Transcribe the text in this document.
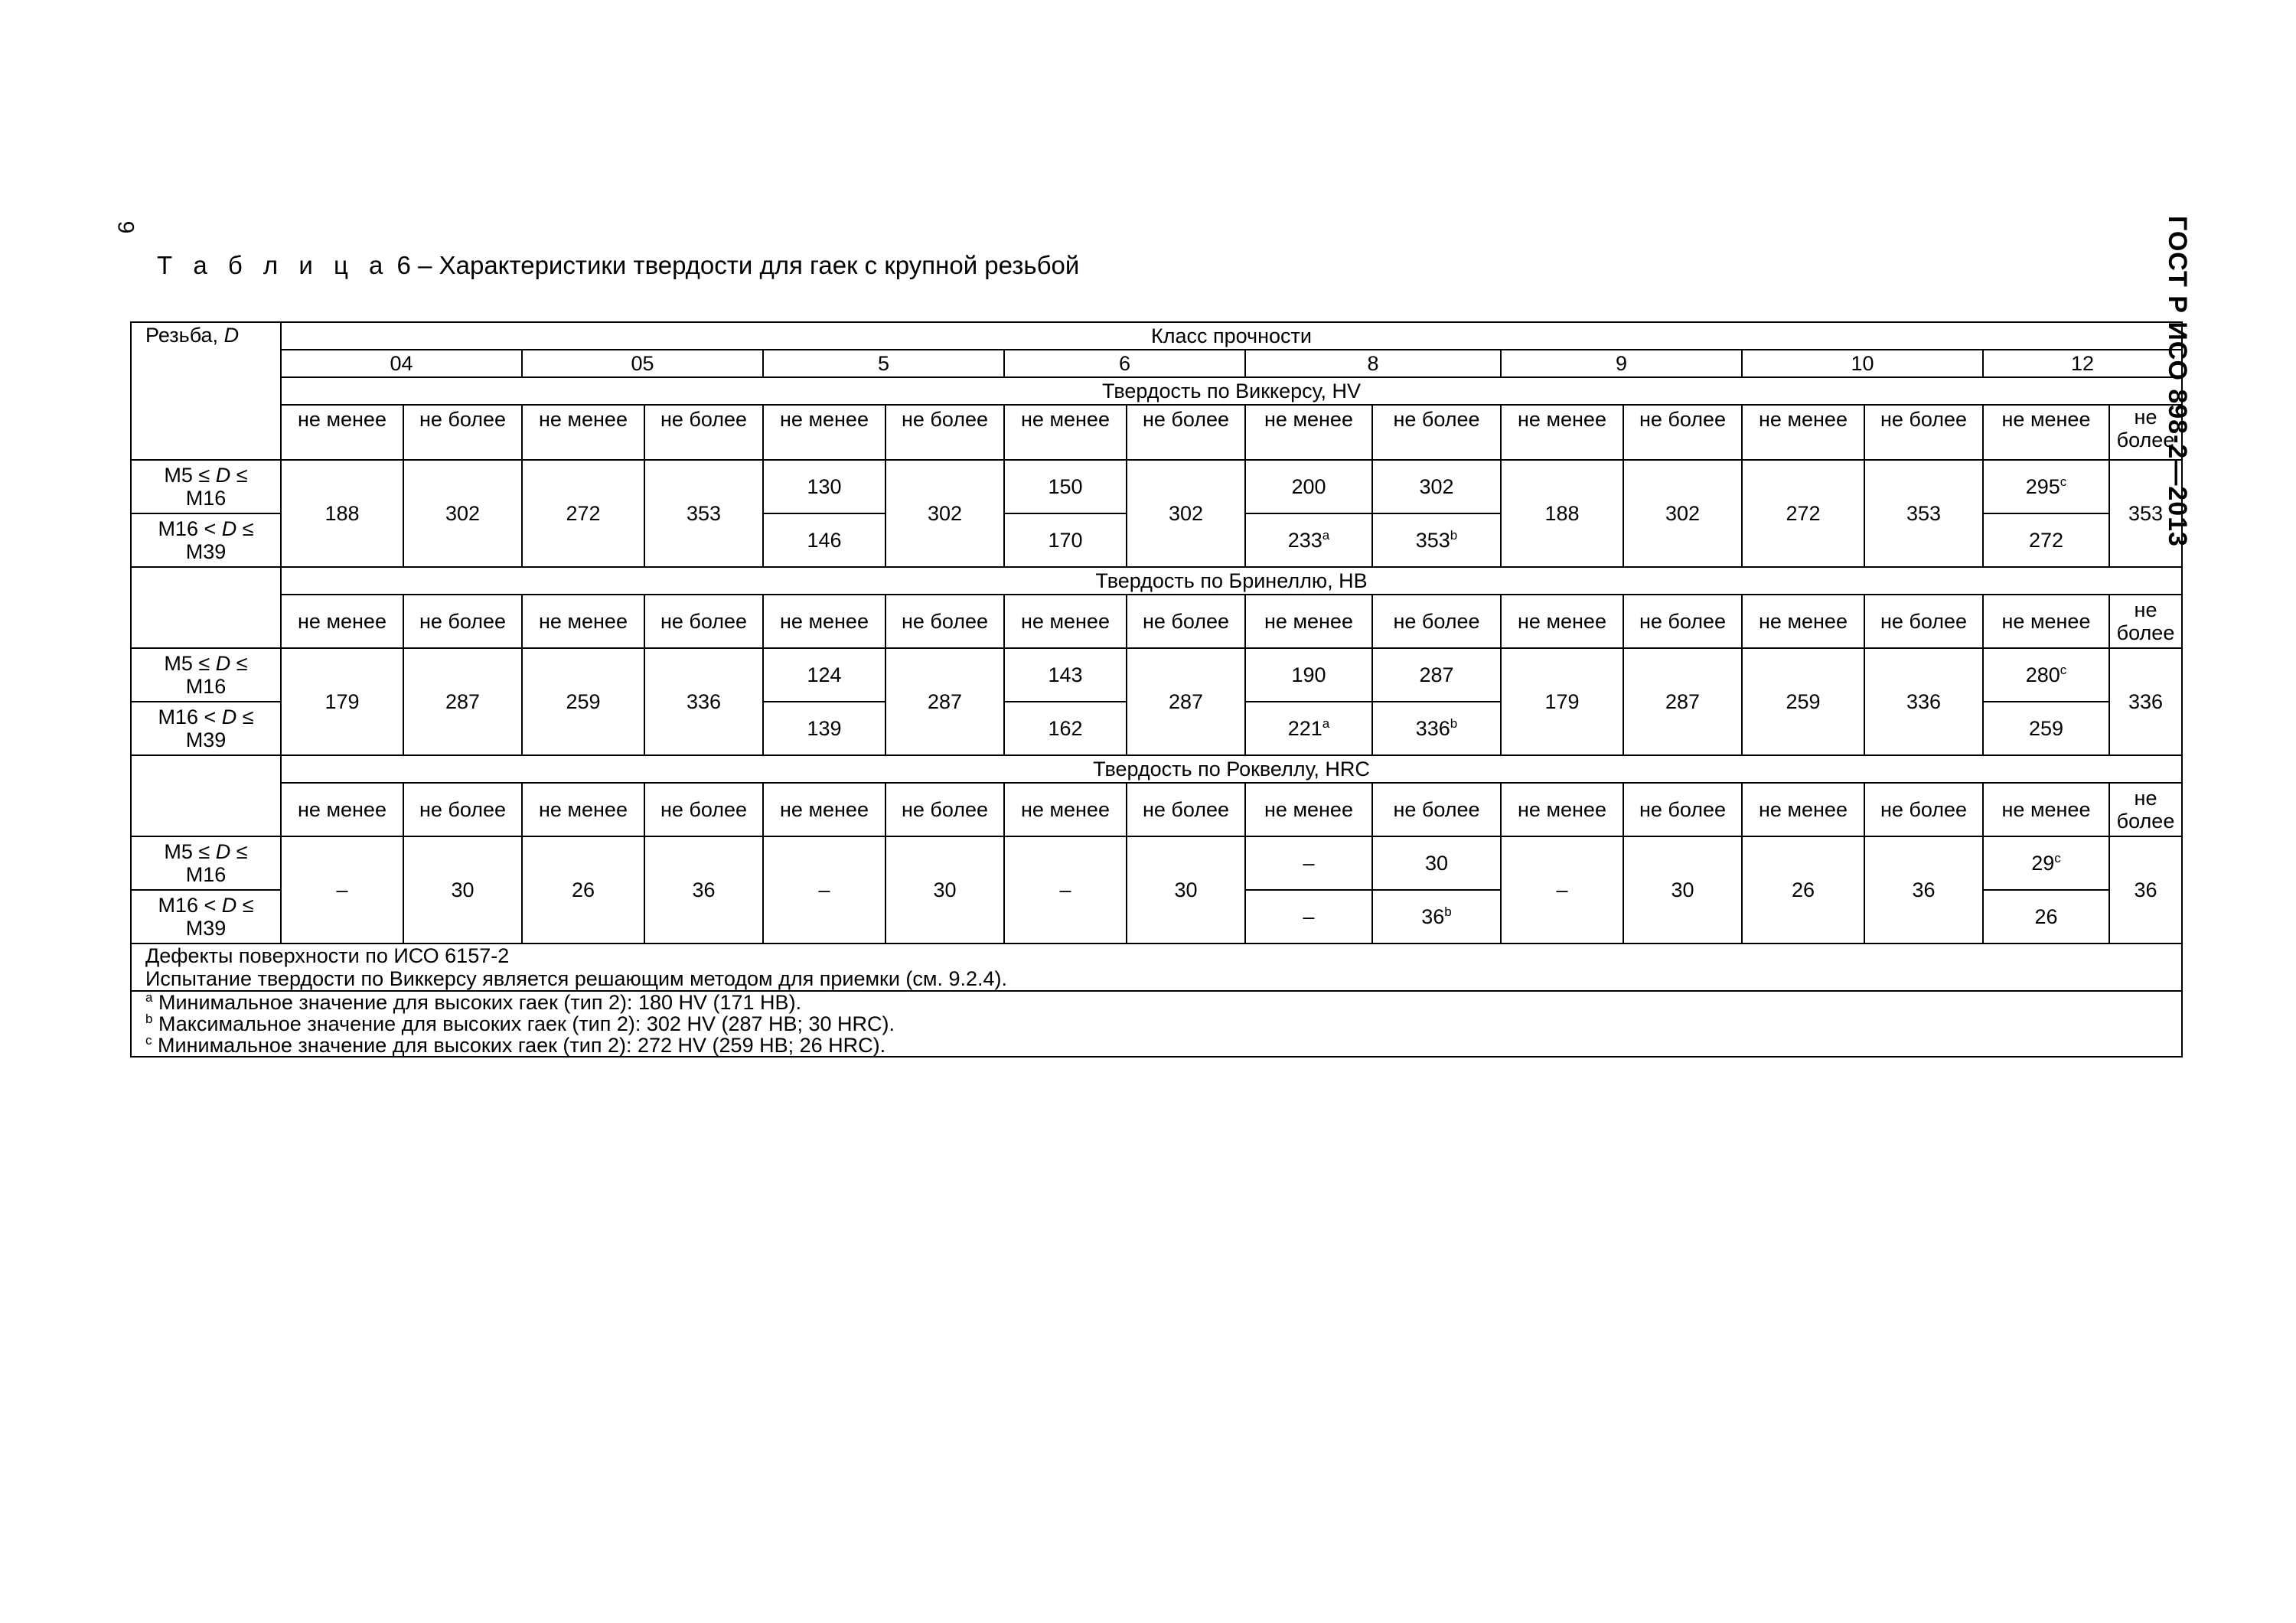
9	ГОСТ Р ИСО 898-2—2013
Т а б л и ц а 6 – Характеристики твердости для гаек с крупной резьбой
Резьба, D	Класс прочности															
	04		05		5		6		8		9		10		12	
	Твердость по Виккерсу, HV															
	не менее	не более	не менее	не более	не менее	не более	не менее	не более	не менее	не более	не менее	не более	не менее	не более	не менее	не более
M5 ≤ D ≤
M16	188	302	272	353	130	302	150	302	200	302	188	302	272	353	295$^c$	353
M16 < D ≤
M39					146		170		233$^a$	353$^b$					272	
	Твердость по Бринеллю, HB															
	не менее	не более	не менее	не более	не менее	не более	не менее	не более	не менее	не более	не менее	не более	не менее	не более	не менее	не более
M5 ≤ D ≤
M16	179	287	259	336	124	287	143	287	190	287	179	287	259	336	280$^c$	336
M16 < D ≤
M39					139		162		221$^a$	336$^b$					259	
	Твердость по Роквеллу, HRC															
	не менее	не более	не менее	не более	не менее	не более	не менее	не более	не менее	не более	не менее	не более	не менее	не более	не менее	не более
M5 ≤ D ≤
M16	–	30	26	36	–	30	–	30	–	30	–	30	26	36	29$^c$	36
M16 < D ≤
M39									–	36$^b$					26	

Дефекты поверхности по ИСО 6157-2
Испытание твердости по Виккерсу является решающим методом для приемки (см. 9.2.4).																

$^a$ Минимальное значение для высоких гаек (тип 2): 180 HV (171 HB).
$^b$ Максимальное значение для высоких гаек (тип 2): 302 HV (287 HB; 30 HRC).
$^c$ Минимальное значение для высоких гаек (тип 2): 272 HV (259 HB; 26 HRC).																
